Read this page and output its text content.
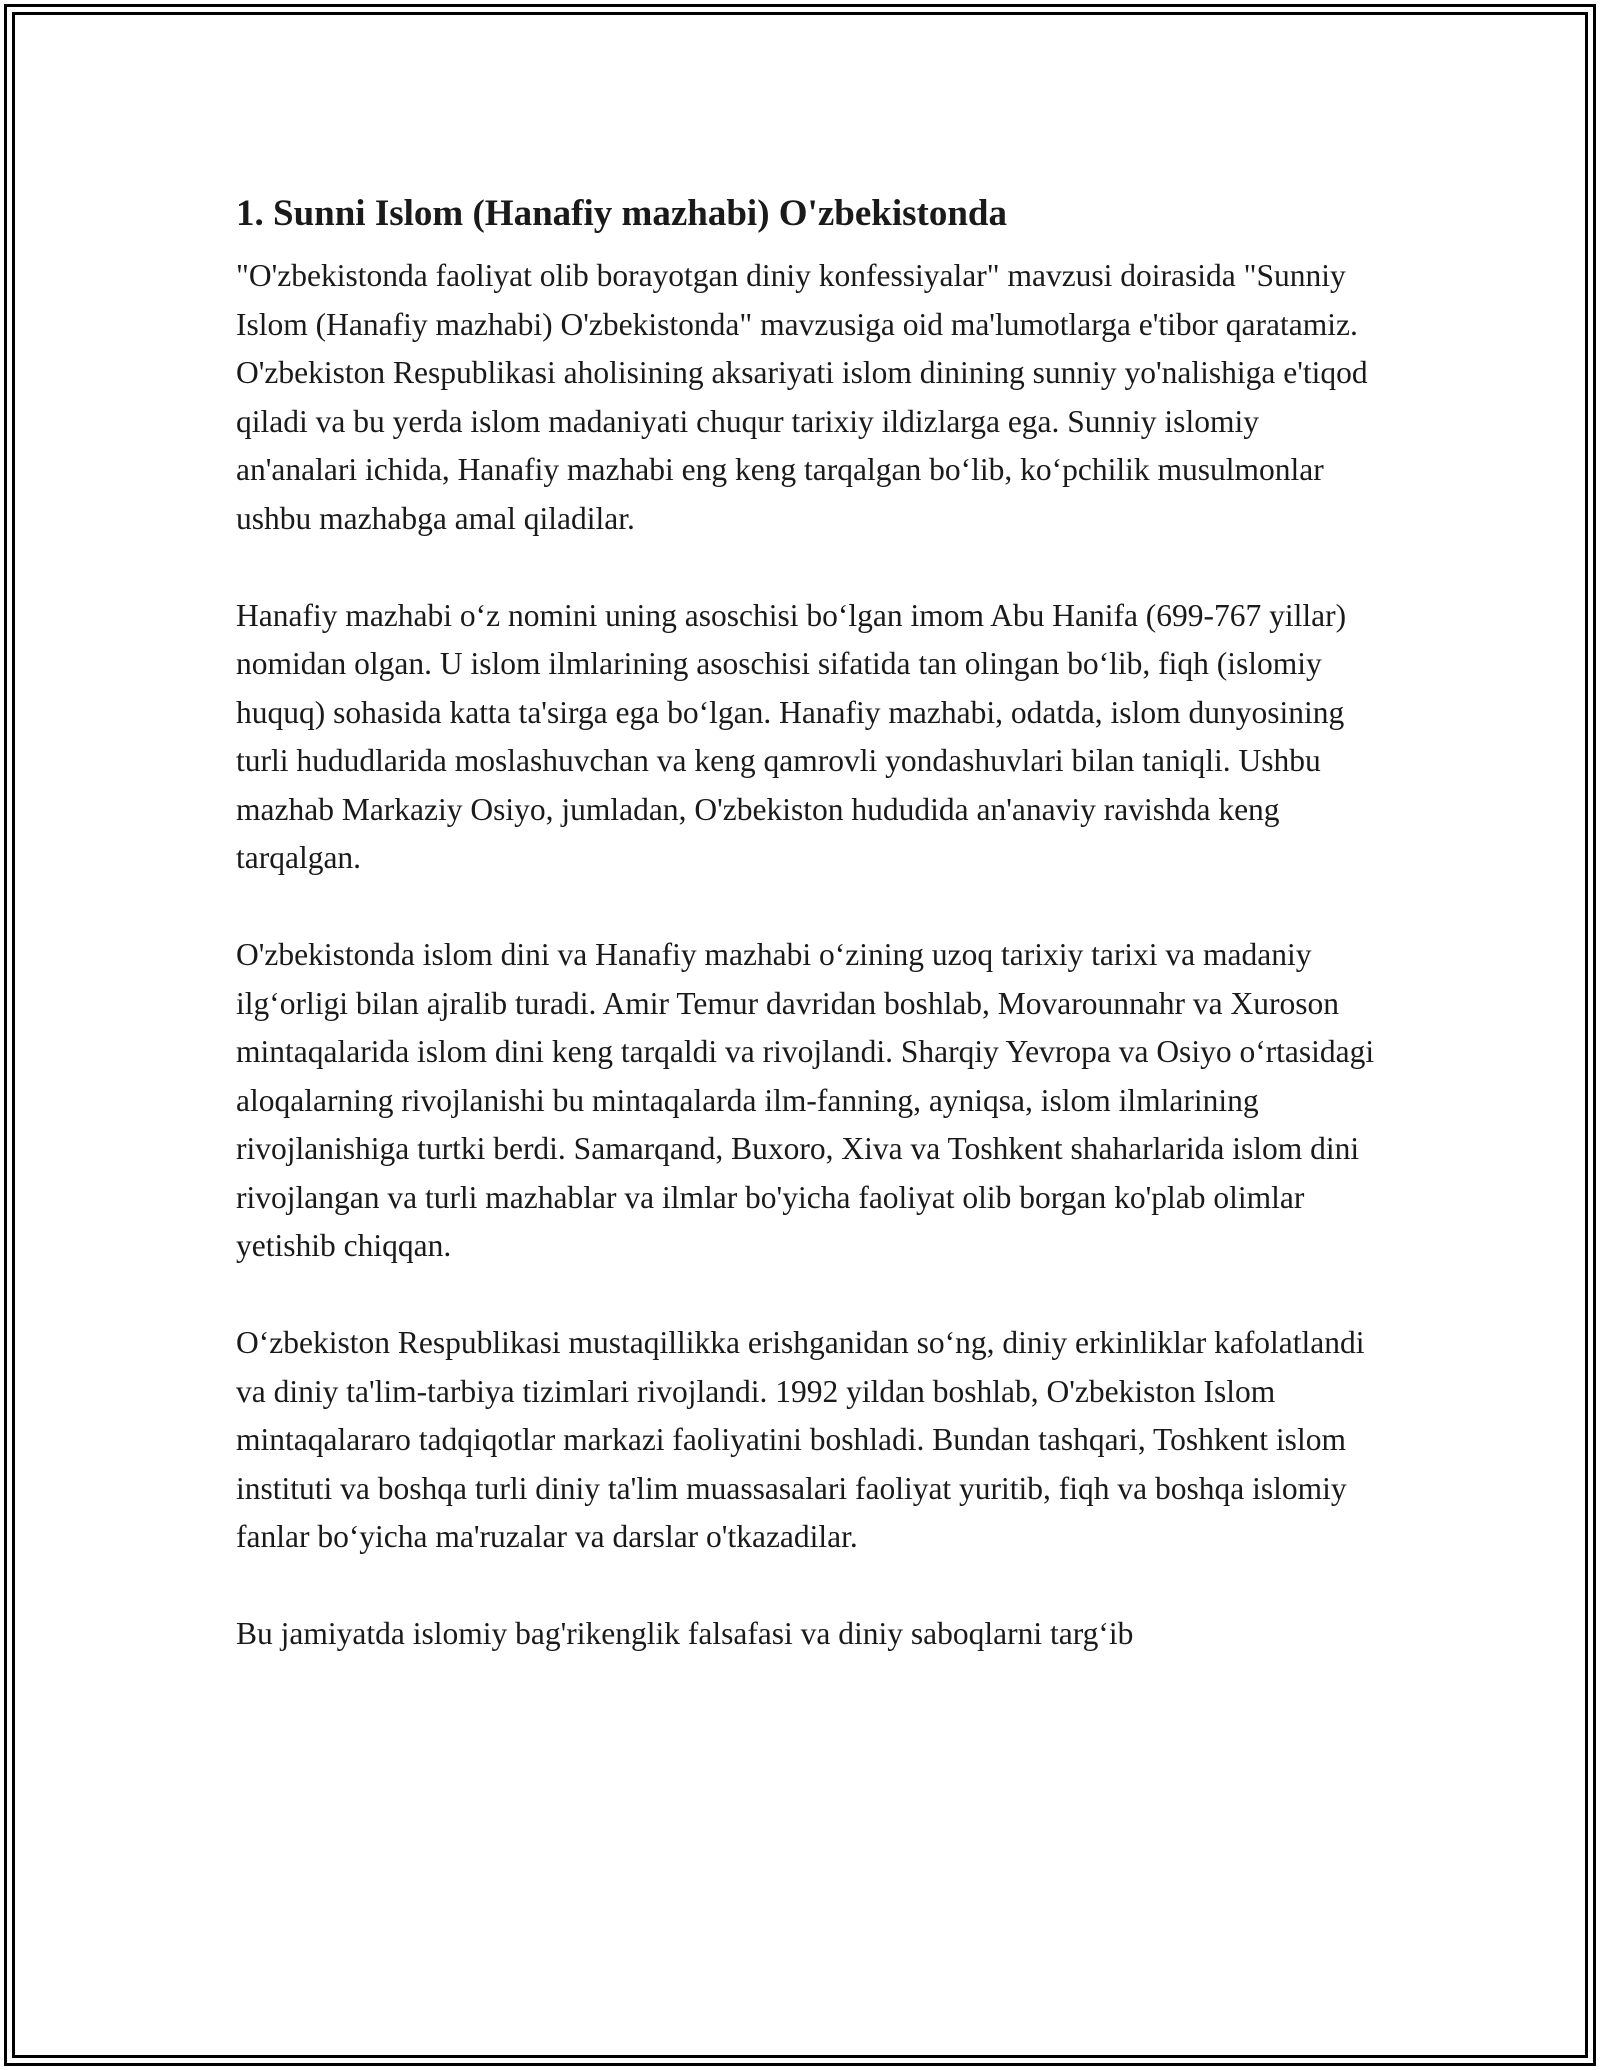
1. Sunni Islom (Hanafiy mazhabi) O'zbekistonda

"O'zbekistonda faoliyat olib borayotgan diniy konfessiyalar" mavzusi doirasida "Sunniy Islom (Hanafiy mazhabi) O'zbekistonda" mavzusiga oid ma'lumotlarga e'tibor qaratamiz. O'zbekiston Respublikasi aholisining aksariyati islom dinining sunniy yo'nalishiga e'tiqod qiladi va bu yerda islom madaniyati chuqur tarixiy ildizlarga ega. Sunniy islomiy an'analari ichida, Hanafiy mazhabi eng keng tarqalgan bo‘lib, ko‘pchilik musulmonlar ushbu mazhabga amal qiladilar.

Hanafiy mazhabi o‘z nomini uning asoschisi bo‘lgan imom Abu Hanifa (699-767 yillar) nomidan olgan. U islom ilmlarining asoschisi sifatida tan olingan bo‘lib, fiqh (islomiy huquq) sohasida katta ta'sirga ega bo‘lgan. Hanafiy mazhabi, odatda, islom dunyosining turli hududlarida moslashuvchan va keng qamrovli yondashuvlari bilan taniqli. Ushbu mazhab Markaziy Osiyo, jumladan, O'zbekiston hududida an'anaviy ravishda keng tarqalgan.

O'zbekistonda islom dini va Hanafiy mazhabi o‘zining uzoq tarixiy tarixi va madaniy ilg‘orligi bilan ajralib turadi. Amir Temur davridan boshlab, Movarounnahr va Xuroson mintaqalarida islom dini keng tarqaldi va rivojlandi. Sharqiy Yevropa va Osiyo o‘rtasidagi aloqalarning rivojlanishi bu mintaqalarda ilm-fanning, ayniqsa, islom ilmlarining rivojlanishiga turtki berdi. Samarqand, Buxoro, Xiva va Toshkent shaharlarida islom dini rivojlangan va turli mazhablar va ilmlar bo'yicha faoliyat olib borgan ko'plab olimlar yetishib chiqqan.

O‘zbekiston Respublikasi mustaqillikka erishganidan so‘ng, diniy erkinliklar kafolatlandi va diniy ta'lim-tarbiya tizimlari rivojlandi. 1992 yildan boshlab, O'zbekiston Islom mintaqalararo tadqiqotlar markazi faoliyatini boshladi. Bundan tashqari, Toshkent islom instituti va boshqa turli diniy ta'lim muassasalari faoliyat yuritib, fiqh va boshqa islomiy fanlar bo‘yicha ma'ruzalar va darslar o'tkazadilar.

Bu jamiyatda islomiy bag'rikenglik falsafasi va diniy saboqlarni targ‘ib
